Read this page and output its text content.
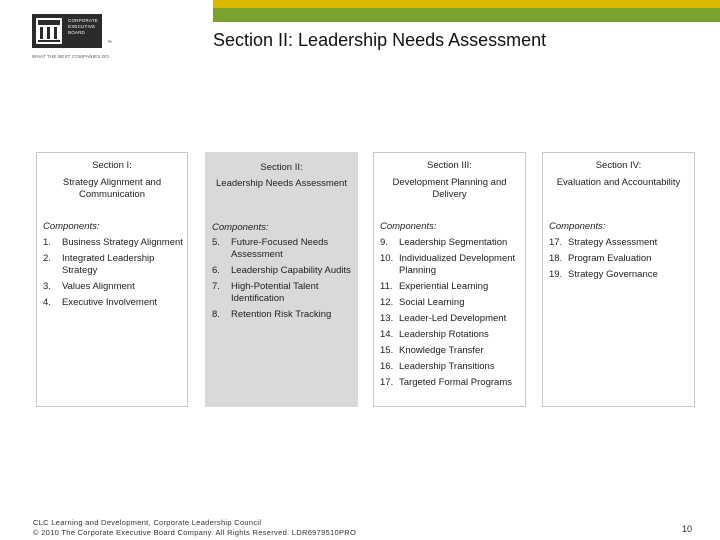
CORPORATE
EXECUTIVE
BOARD
™
WHAT THE BEST COMPANIES DO
Section II: Leadership Needs Assessment
Section I:
Strategy Alignment and Communication
Components:
1. Business Strategy Alignment
2. Integrated Leadership Strategy
3. Values Alignment
4. Executive Involvement
Section II:
Leadership Needs Assessment
Components:
5. Future-Focused Needs Assessment
6. Leadership Capability Audits
7. High-Potential Talent Identification
8. Retention Risk Tracking
Section III:
Development Planning and Delivery
Components:
9. Leadership Segmentation
10. Individualized Development Planning
11. Experiential Learning
12. Social Learning
13. Leader-Led Development
14. Leadership Rotations
15. Knowledge Transfer
16. Leadership Transitions
17. Targeted Formal Programs
Section IV:
Evaluation and Accountability
Components:
17. Strategy Assessment
18. Program Evaluation
19. Strategy Governance
CLC Learning and Development, Corporate Leadership Council
© 2010 The Corporate Executive Board Company. All Rights Reserved. LDR6979510PRO	10
